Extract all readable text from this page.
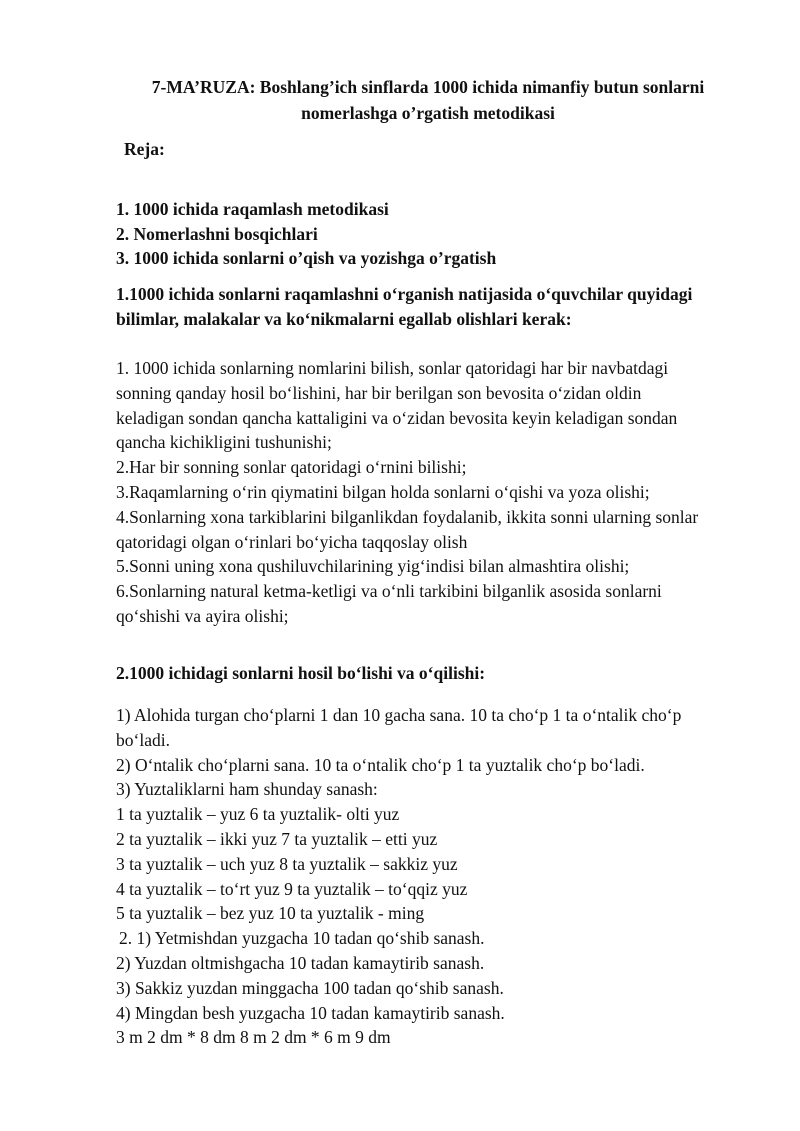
7-MA’RUZA: Boshlang’ich sinflarda 1000 ichida nimanfiy butun sonlarni
nomerlashga o’rgatish metodikasi
Reja:
1. 1000 ichida raqamlash metodikasi
2. Nomerlashni bosqichlari
3. 1000 ichida sonlarni o’qish va yozishga o’rgatish
1.1000 ichida sonlarni raqamlashni o‘rganish natijasida o‘quvchilar quyidagi bilimlar, malakalar va ko‘nikmalarni egallab olishlari kerak:
1. 1000 ichida sonlarning nomlarini bilish, sonlar qatoridagi har bir navbatdagi
sonning qanday hosil bo‘lishini, har bir berilgan son bevosita o‘zidan oldin
keladigan sondan qancha kattaligini va o‘zidan bevosita keyin keladigan sondan
qancha kichikligini tushunishi;
2.Har bir sonning sonlar qatoridagi o‘rnini bilishi;
3.Raqamlarning o‘rin qiymatini bilgan holda sonlarni o‘qishi va yoza olishi;
4.Sonlarning xona tarkiblarini bilganlikdan foydalanib, ikkita sonni ularning sonlar
qatoridagi olgan o‘rinlari bo‘yicha taqqoslay olish
5.Sonni uning xona qushiluvchilarining yig‘indisi bilan almashtira olishi;
6.Sonlarning natural ketma-ketligi va o‘nli tarkibini bilganlik asosida sonlarni
qo‘shishi va ayira olishi;
2.1000 ichidagi sonlarni hosil bo‘lishi va o‘qilishi:
1) Alohida turgan cho‘plarni 1 dan 10 gacha sana. 10 ta cho‘p 1 ta o‘ntalik cho‘p
bo‘ladi.
2) O‘ntalik cho‘plarni sana. 10 ta o‘ntalik cho‘p 1 ta yuztalik cho‘p bo‘ladi.
3) Yuztaliklarni ham shunday sanash:
1 ta yuztalik – yuz 6 ta yuztalik- olti yuz
2 ta yuztalik – ikki yuz 7 ta yuztalik – etti yuz
3 ta yuztalik – uch yuz 8 ta yuztalik – sakkiz yuz
4 ta yuztalik – to‘rt yuz 9 ta yuztalik – to‘qqiz yuz
5 ta yuztalik – bez yuz 10 ta yuztalik - ming
2. 1) Yetmishdan yuzgacha 10 tadan qo‘shib sanash.
2) Yuzdan oltmishgacha 10 tadan kamaytirib sanash.
3) Sakkiz yuzdan minggacha 100 tadan qo‘shib sanash.
4) Mingdan besh yuzgacha 10 tadan kamaytirib sanash.
3 m 2 dm * 8 dm 8 m 2 dm * 6 m 9 dm
